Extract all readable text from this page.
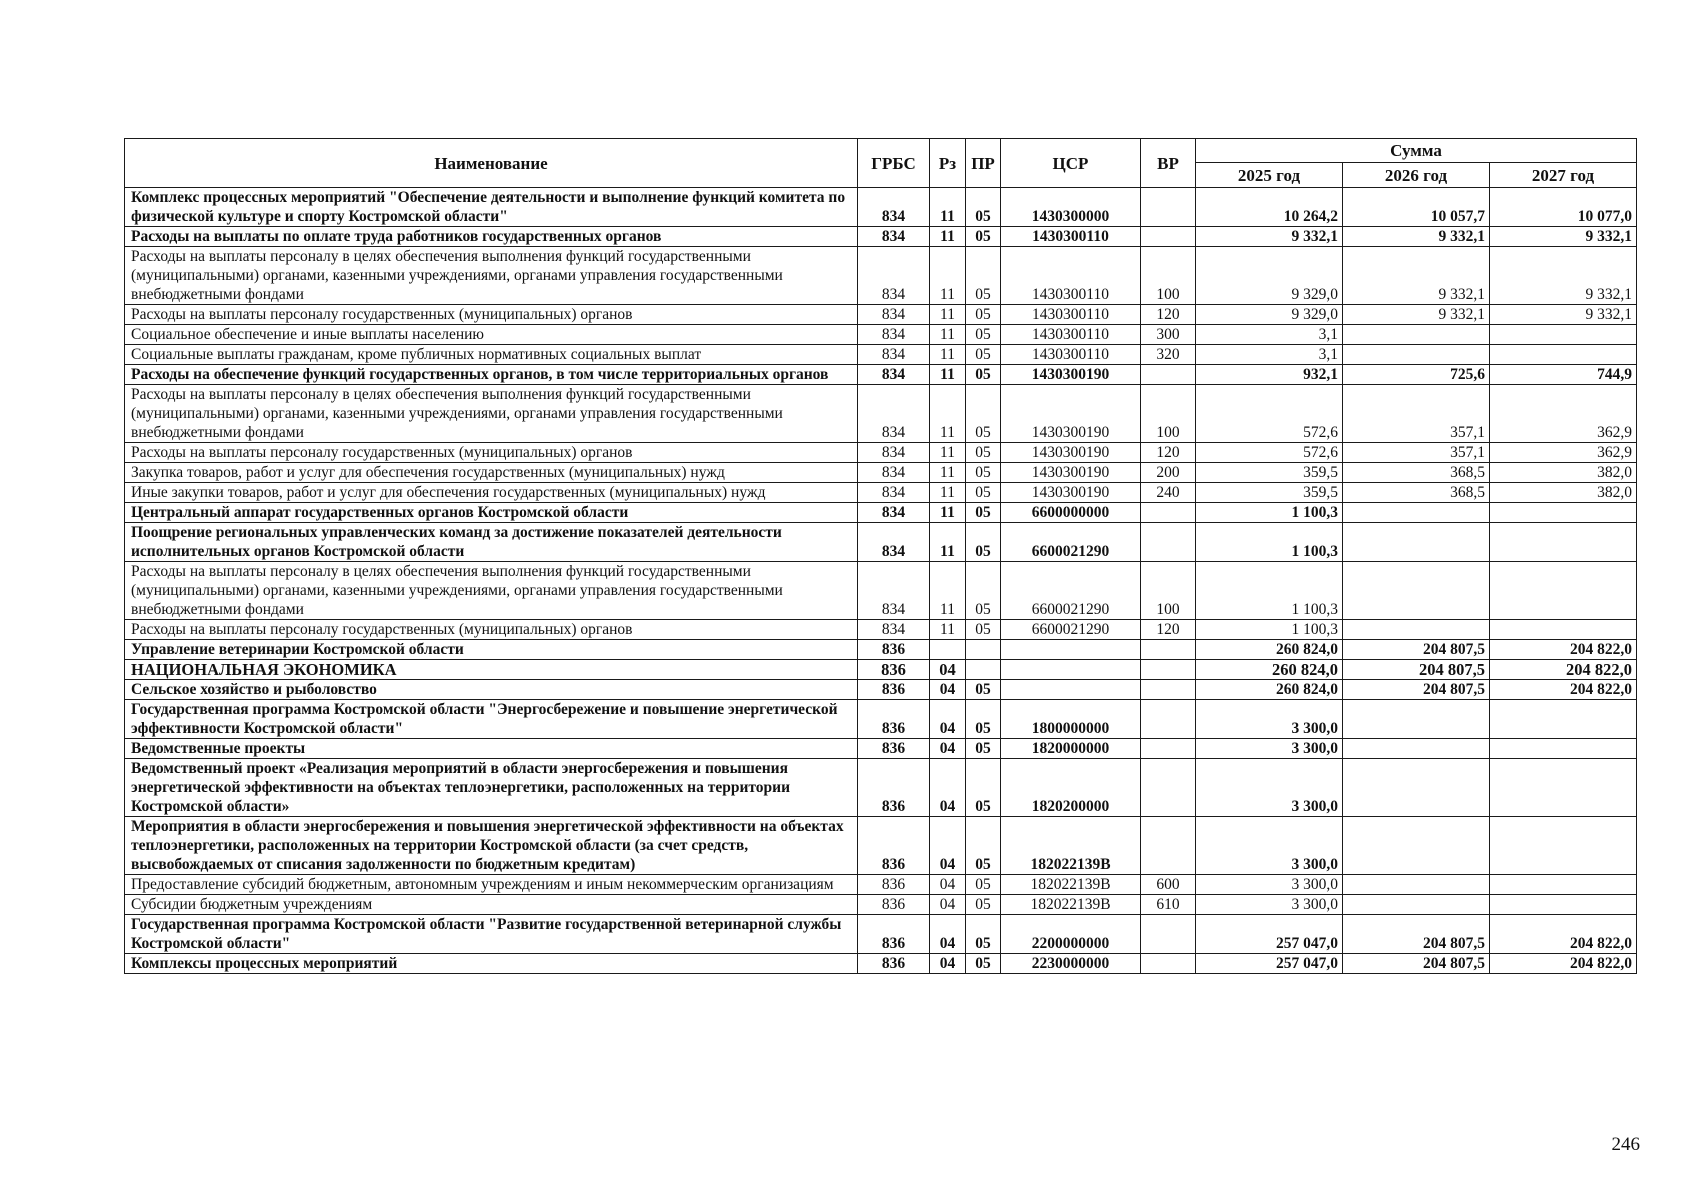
Наименование	ГРБС	Рз	ПР	ЦСР	ВР	Сумма		
						2025 год	2026 год	2027 год
Комплекс процессных мероприятий "Обеспечение деятельности и выполнение функций комитета по физической культуре и спорту Костромской области"	834	11	05	1430300000		10 264,2	10 057,7	10 077,0
Расходы на выплаты по оплате труда работников государственных органов	834	11	05	1430300110		9 332,1	9 332,1	9 332,1
Расходы на выплаты персоналу в целях обеспечения выполнения функций государственными (муниципальными) органами, казенными учреждениями, органами управления государственными внебюджетными фондами	834	11	05	1430300110	100	9 329,0	9 332,1	9 332,1
Расходы на выплаты персоналу государственных (муниципальных) органов	834	11	05	1430300110	120	9 329,0	9 332,1	9 332,1
Социальное обеспечение и иные выплаты населению	834	11	05	1430300110	300	3,1		
Социальные выплаты гражданам, кроме публичных нормативных социальных выплат	834	11	05	1430300110	320	3,1		
Расходы на обеспечение функций государственных органов, в том числе территориальных органов	834	11	05	1430300190		932,1	725,6	744,9
Расходы на выплаты персоналу в целях обеспечения выполнения функций государственными (муниципальными) органами, казенными учреждениями, органами управления государственными внебюджетными фондами	834	11	05	1430300190	100	572,6	357,1	362,9
Расходы на выплаты персоналу государственных (муниципальных) органов	834	11	05	1430300190	120	572,6	357,1	362,9
Закупка товаров, работ и услуг для обеспечения государственных (муниципальных) нужд	834	11	05	1430300190	200	359,5	368,5	382,0
Иные закупки товаров, работ и услуг для обеспечения государственных (муниципальных) нужд	834	11	05	1430300190	240	359,5	368,5	382,0
Центральный аппарат государственных органов Костромской области	834	11	05	6600000000		1 100,3		
Поощрение региональных управленческих команд за достижение показателей деятельности исполнительных органов Костромской области	834	11	05	6600021290		1 100,3		
Расходы на выплаты персоналу в целях обеспечения выполнения функций государственными (муниципальными) органами, казенными учреждениями, органами управления государственными внебюджетными фондами	834	11	05	6600021290	100	1 100,3		
Расходы на выплаты персоналу государственных (муниципальных) органов	834	11	05	6600021290	120	1 100,3		
Управление ветеринарии Костромской области	836					260 824,0	204 807,5	204 822,0
НАЦИОНАЛЬНАЯ ЭКОНОМИКА	836	04				260 824,0	204 807,5	204 822,0
Сельское хозяйство и рыболовство	836	04	05			260 824,0	204 807,5	204 822,0
Государственная программа Костромской области "Энергосбережение и повышение энергетической эффективности Костромской области"	836	04	05	1800000000		3 300,0		
Ведомственные проекты	836	04	05	1820000000		3 300,0		
Ведомственный проект «Реализация мероприятий в области энергосбережения и повышения энергетической эффективности на объектах теплоэнергетики, расположенных на территории Костромской области»	836	04	05	1820200000		3 300,0		
Мероприятия в области энергосбережения и повышения энергетической эффективности на объектах теплоэнергетики, расположенных на территории Костромской области (за счет средств, высвобождаемых от списания задолженности по бюджетным кредитам)	836	04	05	182022139В		3 300,0		
Предоставление субсидий бюджетным, автономным учреждениям и иным некоммерческим организациям	836	04	05	182022139В	600	3 300,0		
Субсидии бюджетным учреждениям	836	04	05	182022139В	610	3 300,0		
Государственная программа Костромской области "Развитие государственной ветеринарной службы Костромской области"	836	04	05	2200000000		257 047,0	204 807,5	204 822,0
Комплексы процессных мероприятий	836	04	05	2230000000		257 047,0	204 807,5	204 822,0
246
